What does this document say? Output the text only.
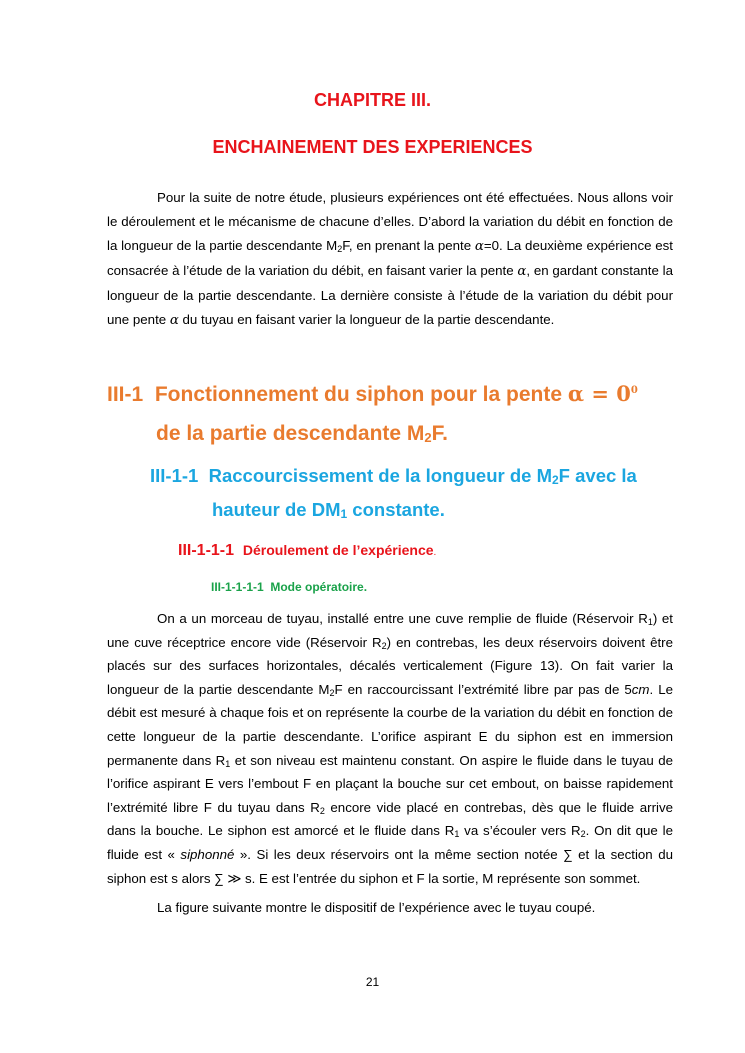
CHAPITRE III.
ENCHAINEMENT DES EXPERIENCES
Pour la suite de notre étude, plusieurs expériences ont été effectuées. Nous allons voir le déroulement et le mécanisme de chacune d’elles. D’abord la variation du débit en fonction de la longueur de la partie descendante $M_2F$, en prenant la pente α=0. La deuxième expérience est consacrée à l’étude de la variation du débit, en faisant varier la pente α, en gardant constante la longueur de la partie descendante. La dernière consiste à l’étude de la variation du débit pour une pente α du tuyau en faisant varier la longueur de la partie descendante.
III-1 Fonctionnement du siphon pour la pente $\alpha = 0^0$
de la partie descendante $M_2F$.
III-1-1 Raccourcissement de la longueur de $M_2F$ avec la
hauteur de $DM_1$ constante.
III-1-1-1 Déroulement de l’expérience.
III-1-1-1-1 Mode opératoire.
On a un morceau de tuyau, installé entre une cuve remplie de fluide (Réservoir $R_1$) et une cuve réceptrice encore vide (Réservoir $R_2$) en contrebas, les deux réservoirs doivent être placés sur des surfaces horizontales, décalés verticalement (Figure 13). On fait varier la longueur de la partie descendante $M_2F$ en raccourcissant l’extrémité libre par pas de 5cm. Le débit est mesuré à chaque fois et on représente la courbe de la variation du débit en fonction de cette longueur de la partie descendante. L’orifice aspirant E du siphon est en immersion permanente dans $R_1$ et son niveau est maintenu constant. On aspire le fluide dans le tuyau de l’orifice aspirant E vers l’embout F en plaçant la bouche sur cet embout, on baisse rapidement l’extrémité libre F du tuyau dans $R_2$ encore vide placé en contrebas, dès que le fluide arrive dans la bouche. Le siphon est amorcé et le fluide dans $R_1$ va s’écouler vers $R_2$. On dit que le fluide est « siphonné ». Si les deux réservoirs ont la même section notée ∑ et la section du siphon est s alors ∑ ≫ s. E est l’entrée du siphon et F la sortie, M représente son sommet.
La figure suivante montre le dispositif de l’expérience avec le tuyau coupé.
21
